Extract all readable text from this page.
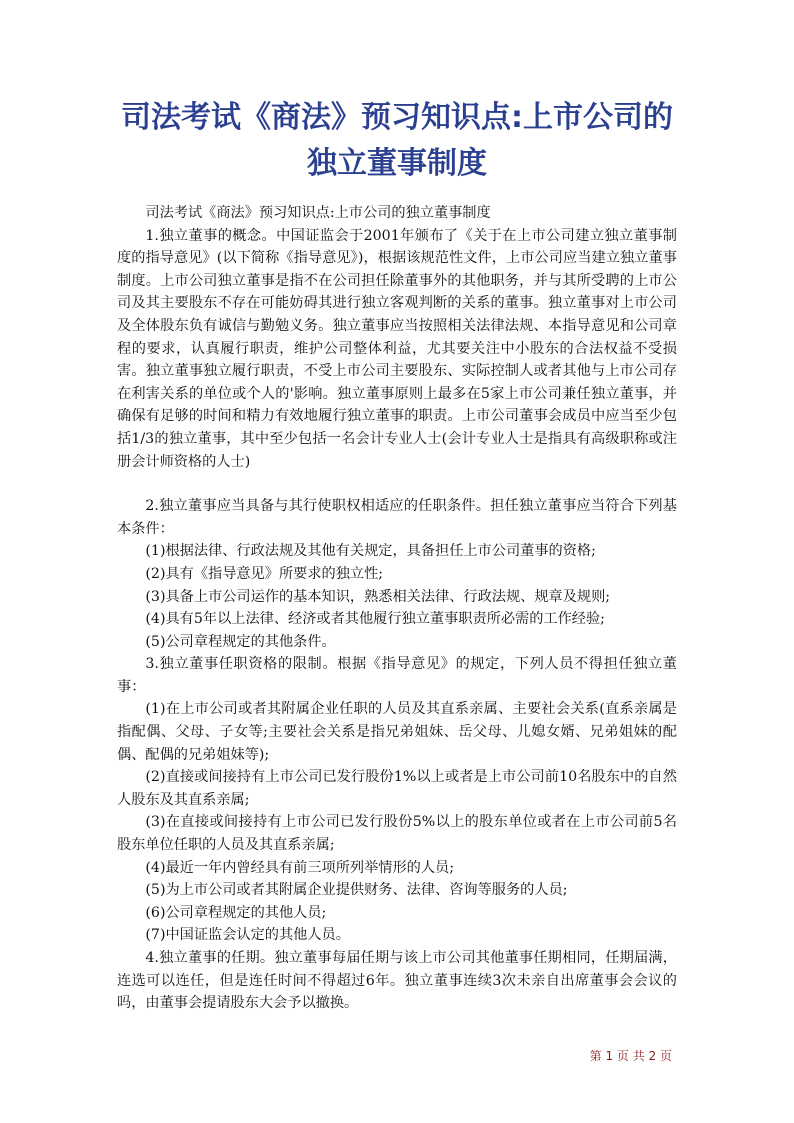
司法考试《商法》预习知识点:上市公司的
独立董事制度

司法考试《商法》预习知识点:上市公司的独立董事制度

1.独立董事的概念。中国证监会于2001年颁布了《关于在上市公司建立独立董事制度的指导意见》(以下简称《指导意见》)，根据该规范性文件，上市公司应当建立独立董事制度。上市公司独立董事是指不在公司担任除董事外的其他职务，并与其所受聘的上市公司及其主要股东不存在可能妨碍其进行独立客观判断的关系的董事。独立董事对上市公司及全体股东负有诚信与勤勉义务。独立董事应当按照相关法律法规、本指导意见和公司章程的要求，认真履行职责，维护公司整体利益，尤其要关注中小股东的合法权益不受损害。独立董事独立履行职责，不受上市公司主要股东、实际控制人或者其他与上市公司存在利害关系的单位或个人的'影响。独立董事原则上最多在5家上市公司兼任独立董事，并确保有足够的时间和精力有效地履行独立董事的职责。上市公司董事会成员中应当至少包括1/3的独立董事，其中至少包括一名会计专业人士(会计专业人士是指具有高级职称或注册会计师资格的人士)

2.独立董事应当具备与其行使职权相适应的任职条件。担任独立董事应当符合下列基本条件：

(1)根据法律、行政法规及其他有关规定，具备担任上市公司董事的资格;

(2)具有《指导意见》所要求的独立性;

(3)具备上市公司运作的基本知识，熟悉相关法律、行政法规、规章及规则;

(4)具有5年以上法律、经济或者其他履行独立董事职责所必需的工作经验;

(5)公司章程规定的其他条件。

3.独立董事任职资格的限制。根据《指导意见》的规定，下列人员不得担任独立董事：

(1)在上市公司或者其附属企业任职的人员及其直系亲属、主要社会关系(直系亲属是指配偶、父母、子女等;主要社会关系是指兄弟姐妹、岳父母、儿媳女婿、兄弟姐妹的配偶、配偶的兄弟姐妹等);

(2)直接或间接持有上市公司已发行股份1%以上或者是上市公司前10名股东中的自然人股东及其直系亲属;

(3)在直接或间接持有上市公司已发行股份5%以上的股东单位或者在上市公司前5名股东单位任职的人员及其直系亲属;

(4)最近一年内曾经具有前三项所列举情形的人员;

(5)为上市公司或者其附属企业提供财务、法律、咨询等服务的人员;

(6)公司章程规定的其他人员;

(7)中国证监会认定的其他人员。

4.独立董事的任期。独立董事每届任期与该上市公司其他董事任期相同，任期届满，连选可以连任，但是连任时间不得超过6年。独立董事连续3次未亲自出席董事会会议的吗，由董事会提请股东大会予以撤换。

第 1 页 共 2 页
